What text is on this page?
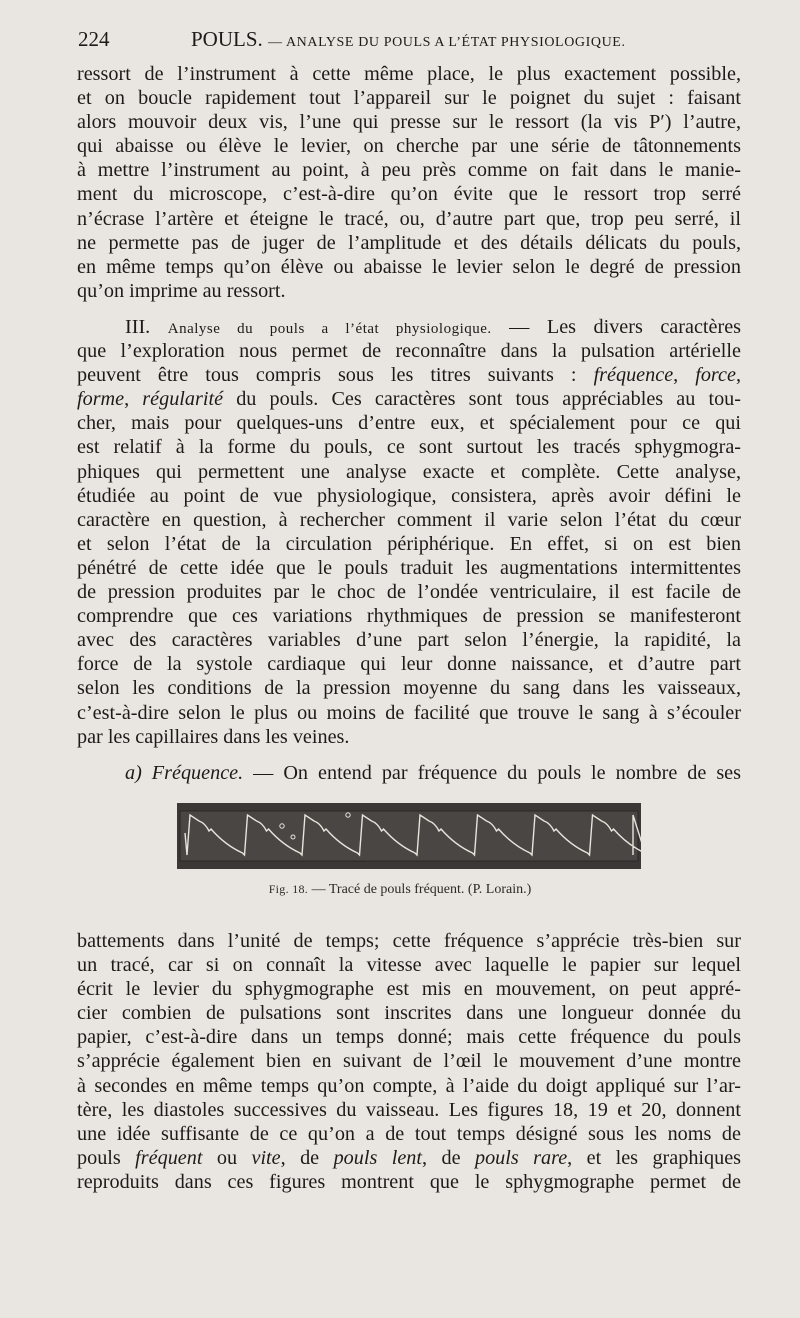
224	POULS. — ANALYSE DU POULS A L’ÉTAT PHYSIOLOGIQUE.
ressort de l’instrument à cette même place, le plus exactement possible,
et on boucle rapidement tout l’appareil sur le poignet du sujet : faisant
alors mouvoir deux vis, l’une qui presse sur le ressort (la vis P′) l’autre,
qui abaisse ou élève le levier, on cherche par une série de tâtonnements
à mettre l’instrument au point, à peu près comme on fait dans le manie-
ment du microscope, c’est-à-dire qu’on évite que le ressort trop serré
n’écrase l’artère et éteigne le tracé, ou, d’autre part que, trop peu serré, il
ne permette pas de juger de l’amplitude et des détails délicats du pouls,
en même temps qu’on élève ou abaisse le levier selon le degré de pression
qu’on imprime au ressort.
III. Analyse du pouls a l’état physiologique. — Les divers caractères
que l’exploration nous permet de reconnaître dans la pulsation artérielle
peuvent être tous compris sous les titres suivants : fréquence, force,
forme, régularité du pouls. Ces caractères sont tous appréciables au tou-
cher, mais pour quelques-uns d’entre eux, et spécialement pour ce qui
est relatif à la forme du pouls, ce sont surtout les tracés sphygmogra-
phiques qui permettent une analyse exacte et complète. Cette analyse,
étudiée au point de vue physiologique, consistera, après avoir défini le
caractère en question, à rechercher comment il varie selon l’état du cœur
et selon l’état de la circulation périphérique. En effet, si on est bien
pénétré de cette idée que le pouls traduit les augmentations intermittentes
de pression produites par le choc de l’ondée ventriculaire, il est facile de
comprendre que ces variations rhythmiques de pression se manifesteront
avec des caractères variables d’une part selon l’énergie, la rapidité, la
force de la systole cardiaque qui leur donne naissance, et d’autre part
selon les conditions de la pression moyenne du sang dans les vaisseaux,
c’est-à-dire selon le plus ou moins de facilité que trouve le sang à s’écouler
par les capillaires dans les veines.
a) Fréquence. — On entend par fréquence du pouls le nombre de ses
Fig. 18. — Tracé de pouls fréquent. (P. Lorain.)
battements dans l’unité de temps; cette fréquence s’apprécie très-bien sur
un tracé, car si on connaît la vitesse avec laquelle le papier sur lequel
écrit le levier du sphygmographe est mis en mouvement, on peut appré-
cier combien de pulsations sont inscrites dans une longueur donnée du
papier, c’est-à-dire dans un temps donné; mais cette fréquence du pouls
s’apprécie également bien en suivant de l’œil le mouvement d’une montre
à secondes en même temps qu’on compte, à l’aide du doigt appliqué sur l’ar-
tère, les diastoles successives du vaisseau. Les figures 18, 19 et 20, donnent
une idée suffisante de ce qu’on a de tout temps désigné sous les noms de
pouls fréquent ou vite, de pouls lent, de pouls rare, et les graphiques
reproduits dans ces figures montrent que le sphygmographe permet de
